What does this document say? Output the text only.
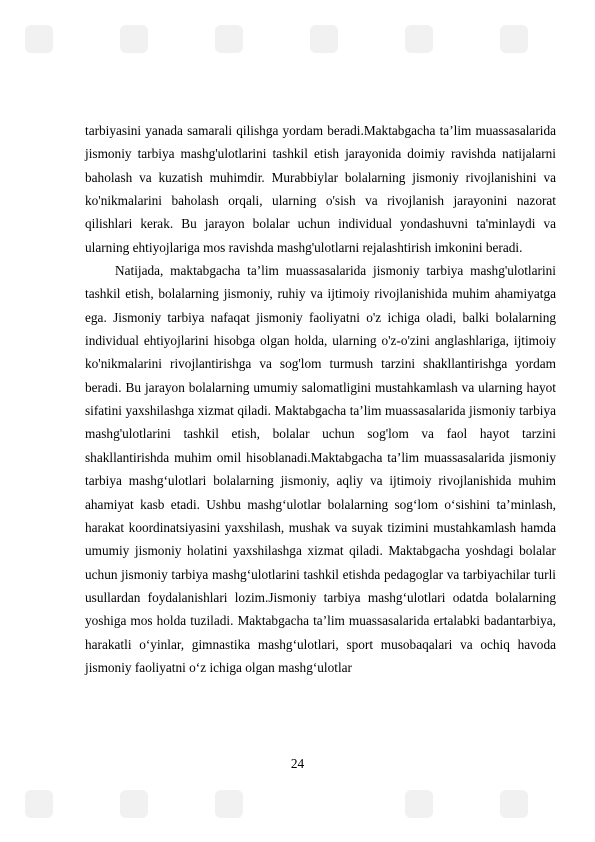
tarbiyasini yanada samarali qilishga yordam beradi.Maktabgacha ta’lim muassasalarida jismoniy tarbiya mashg'ulotlarini tashkil etish jarayonida doimiy ravishda natijalarni baholash va kuzatish muhimdir. Murabbiylar bolalarning jismoniy rivojlanishini va ko'nikmalarini baholash orqali, ularning o'sish va rivojlanish jarayonini nazorat qilishlari kerak. Bu jarayon bolalar uchun individual yondashuvni ta'minlaydi va ularning ehtiyojlariga mos ravishda mashg'ulotlarni rejalashtirish imkonini beradi.

Natijada, maktabgacha ta’lim muassasalarida jismoniy tarbiya mashg'ulotlarini tashkil etish, bolalarning jismoniy, ruhiy va ijtimoiy rivojlanishida muhim ahamiyatga ega. Jismoniy tarbiya nafaqat jismoniy faoliyatni o'z ichiga oladi, balki bolalarning individual ehtiyojlarini hisobga olgan holda, ularning o'z-o'zini anglashlariga, ijtimoiy ko'nikmalarini rivojlantirishga va sog'lom turmush tarzini shakllantirishga yordam beradi. Bu jarayon bolalarning umumiy salomatligini mustahkamlash va ularning hayot sifatini yaxshilashga xizmat qiladi. Maktabgacha ta’lim muassasalarida jismoniy tarbiya mashg'ulotlarini tashkil etish, bolalar uchun sog'lom va faol hayot tarzini shakllantirishda muhim omil hisoblanadi.Maktabgacha ta’lim muassasalarida jismoniy tarbiya mashg‘ulotlari bolalarning jismoniy, aqliy va ijtimoiy rivojlanishida muhim ahamiyat kasb etadi. Ushbu mashg‘ulotlar bolalarning sog‘lom o‘sishini ta’minlash, harakat koordinatsiyasini yaxshilash, mushak va suyak tizimini mustahkamlash hamda umumiy jismoniy holatini yaxshilashga xizmat qiladi. Maktabgacha yoshdagi bolalar uchun jismoniy tarbiya mashg‘ulotlarini tashkil etishda pedagoglar va tarbiyachilar turli usullardan foydalanishlari lozim.Jismoniy tarbiya mashg‘ulotlari odatda bolalarning yoshiga mos holda tuziladi. Maktabgacha ta’lim muassasalarida ertalabki badantarbiya, harakatli o‘yinlar, gimnastika mashg‘ulotlari, sport musobaqalari va ochiq havoda jismoniy faoliyatni o‘z ichiga olgan mashg‘ulotlar

24
